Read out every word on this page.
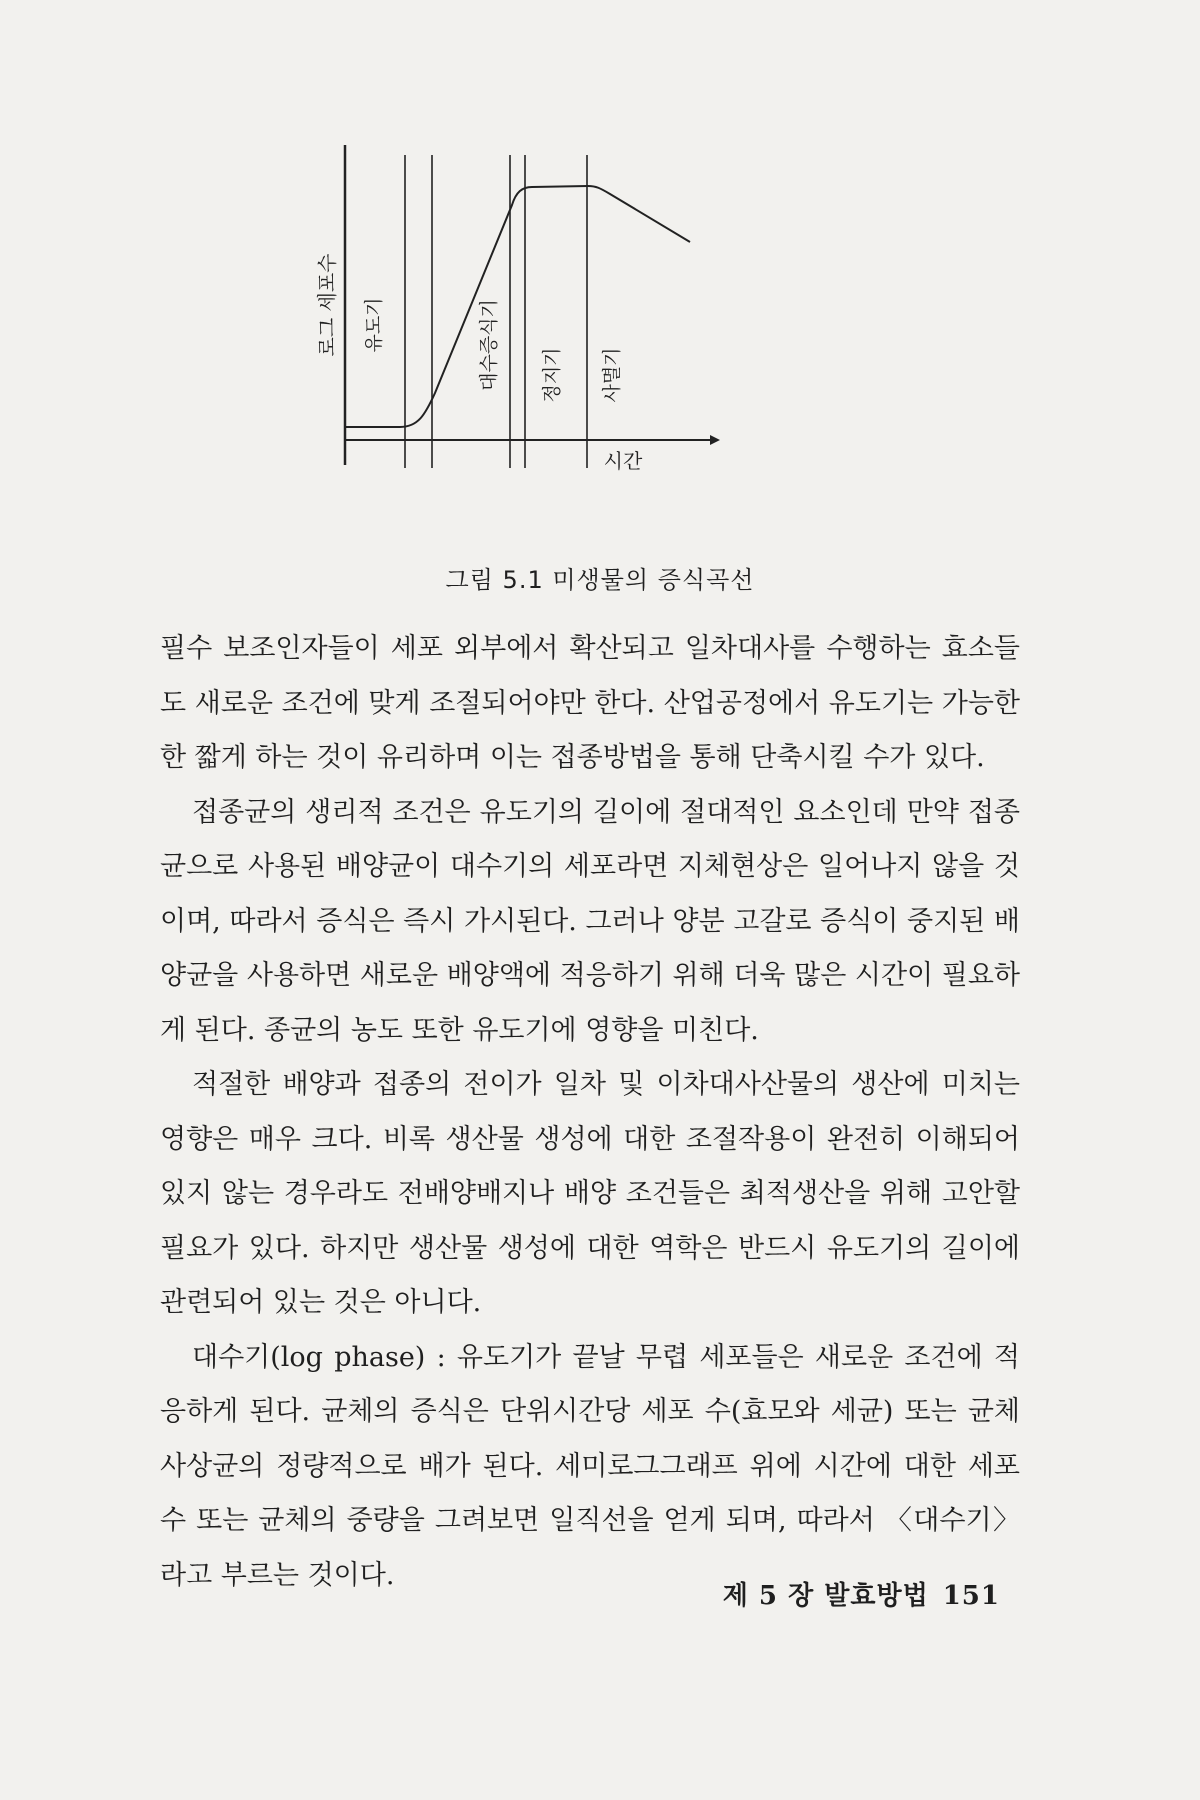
로그 세포수
시간
유도기	대수증식기 정지기 사멸기
그림 5.1 미생물의 증식곡선

필수 보조인자들이 세포 외부에서 확산되고 일차대사를 수행하는 효소들도 새로운 조건에 맞게 조절되어야만 한다. 산업공정에서 유도기는 가능한 한 짧게 하는 것이 유리하며 이는 접종방법을 통해 단축시킬 수가 있다.

접종균의 생리적 조건은 유도기의 길이에 절대적인 요소인데 만약 접종균으로 사용된 배양균이 대수기의 세포라면 지체현상은 일어나지 않을 것이며, 따라서 증식은 즉시 가시된다. 그러나 양분 고갈로 증식이 중지된 배양균을 사용하면 새로운 배양액에 적응하기 위해 더욱 많은 시간이 필요하게 된다. 종균의 농도 또한 유도기에 영향을 미친다.

적절한 배양과 접종의 전이가 일차 및 이차대사산물의 생산에 미치는 영향은 매우 크다. 비록 생산물 생성에 대한 조절작용이 완전히 이해되어 있지 않는 경우라도 전배양배지나 배양 조건들은 최적생산을 위해 고안할 필요가 있다. 하지만 생산물 생성에 대한 역학은 반드시 유도기의 길이에 관련되어 있는 것은 아니다.

대수기(log phase) : 유도기가 끝날 무렵 세포들은 새로운 조건에 적응하게 된다. 균체의 증식은 단위시간당 세포 수(효모와 세균) 또는 균체 사상균의 정량적으로 배가 된다. 세미로그그래프 위에 시간에 대한 세포 수 또는 균체의 중량을 그려보면 일직선을 얻게 되며, 따라서 〈대수기〉라고 부르는 것이다.

제 5 장 발효방법 151
